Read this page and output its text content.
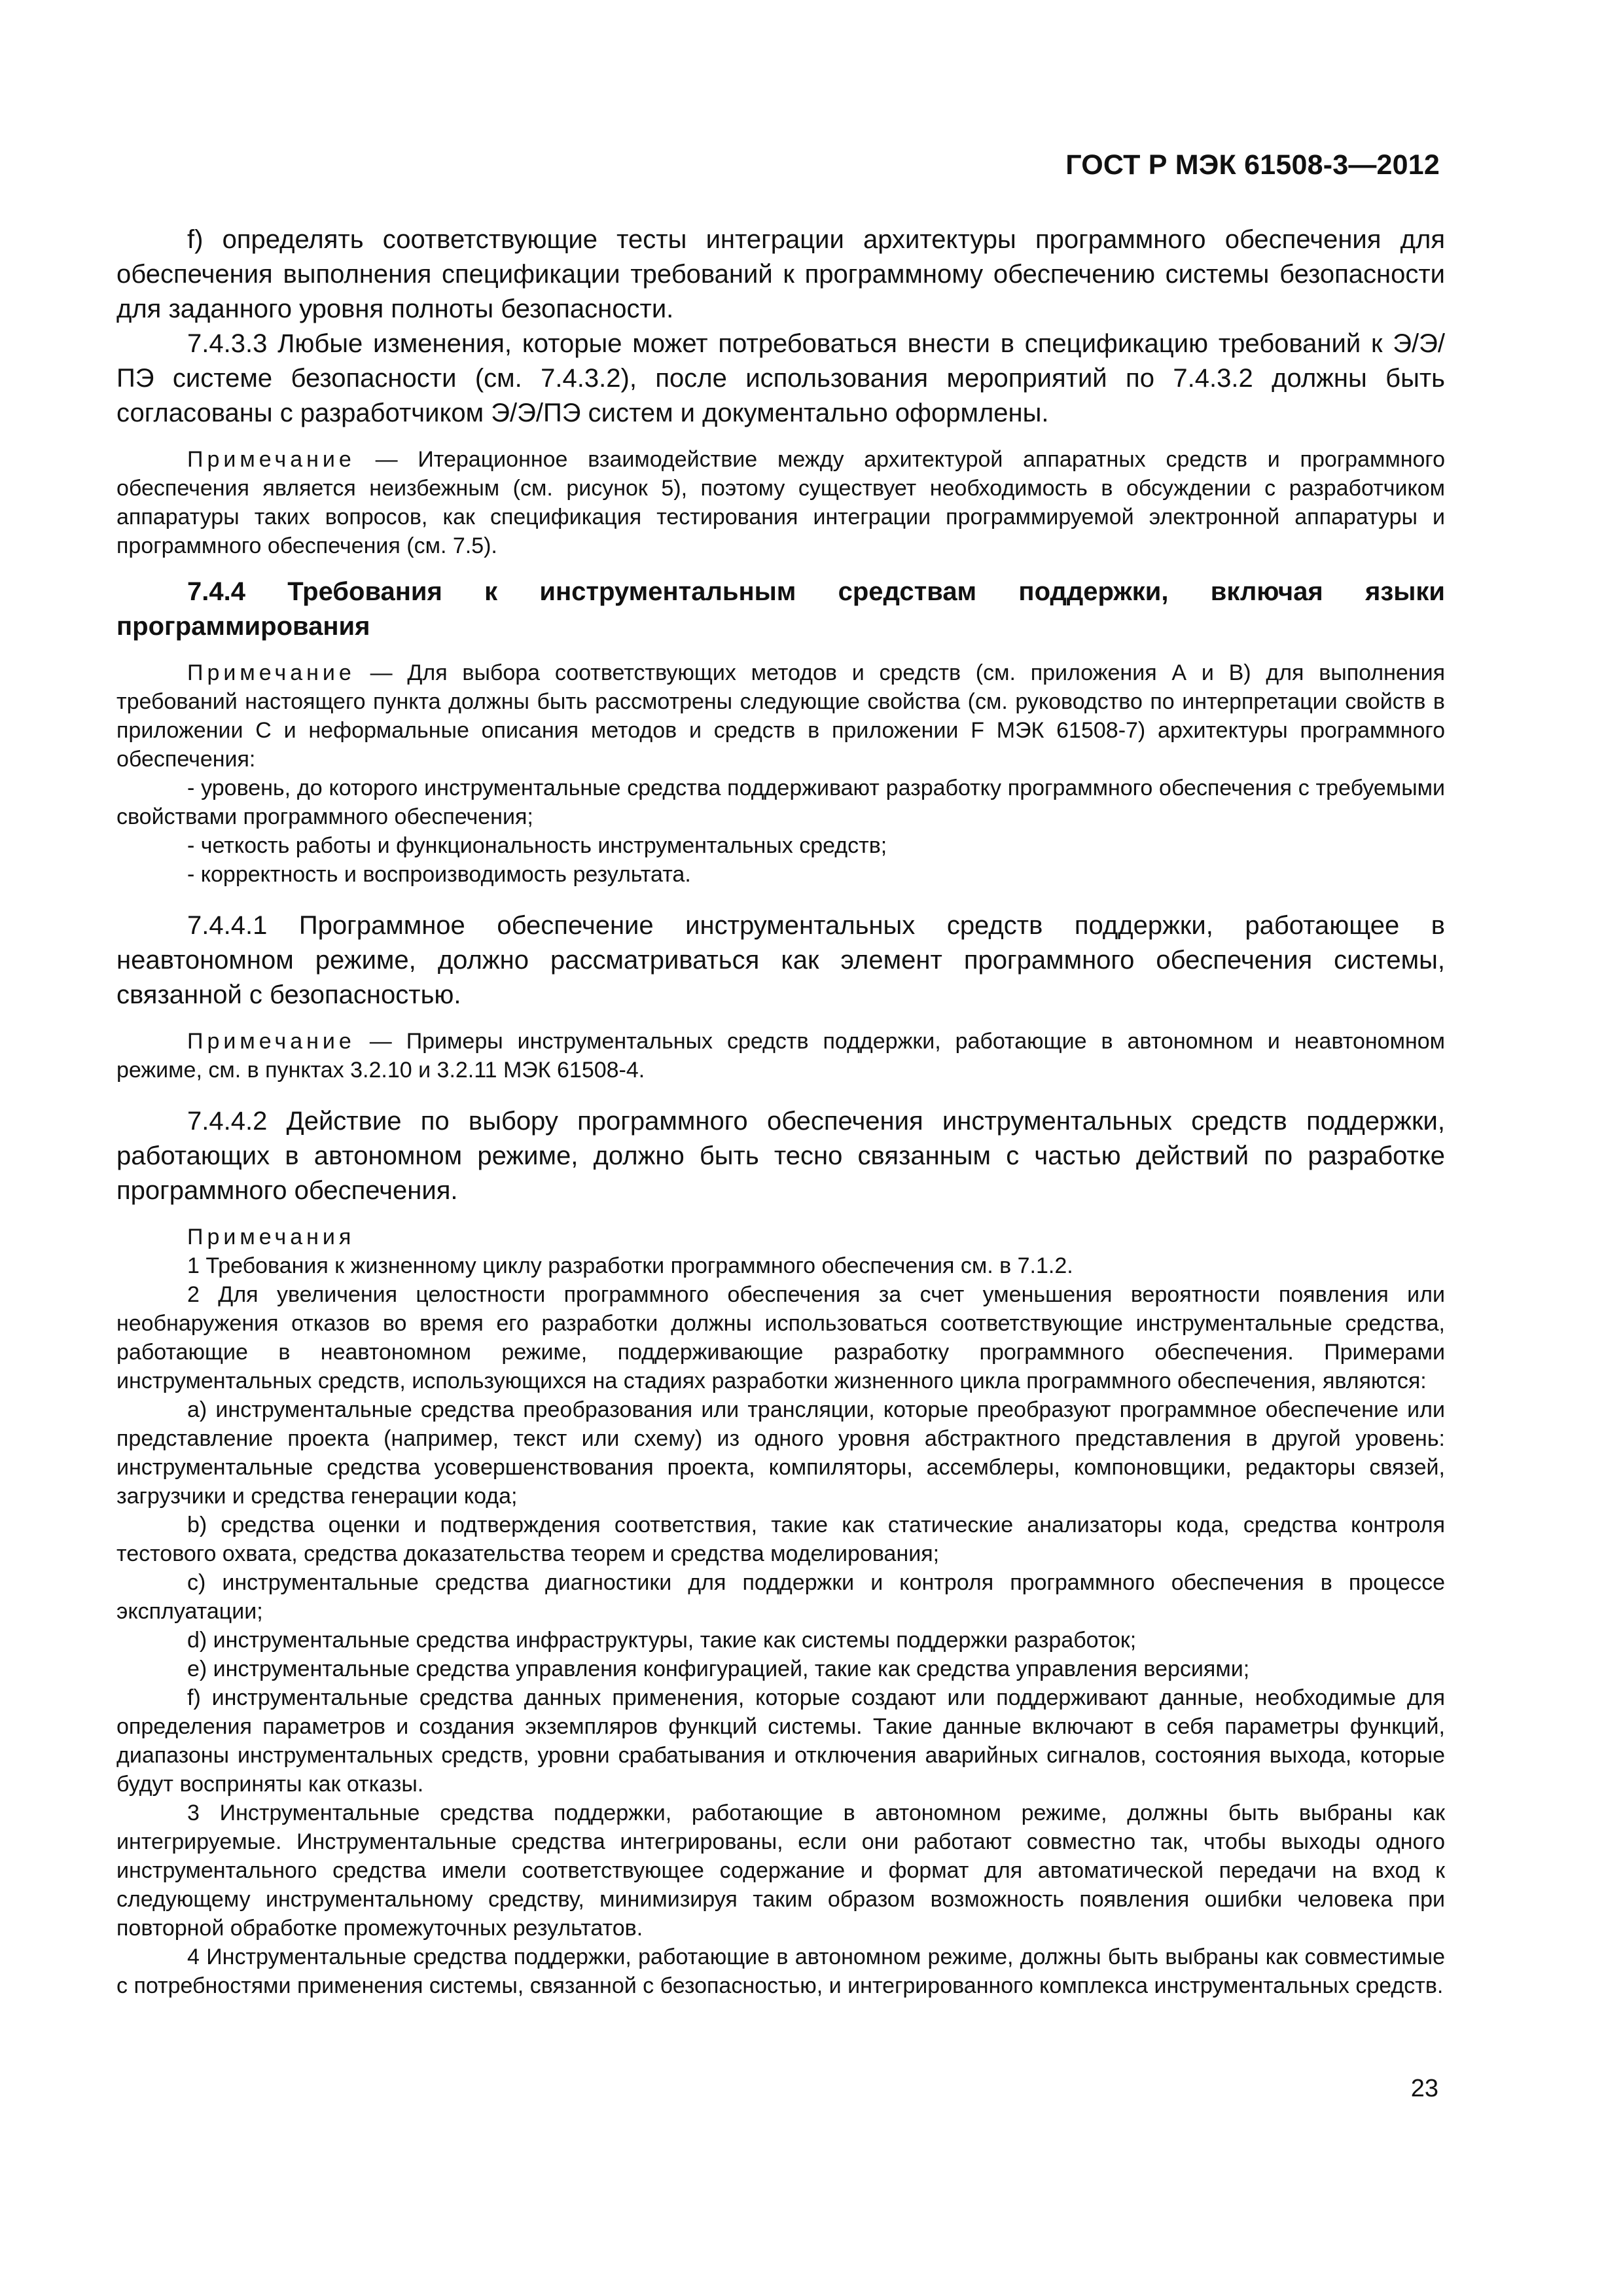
ГОСТ Р МЭК 61508-3—2012

f) определять соответствующие тесты интеграции архитектуры программного обеспечения для обеспечения выполнения спецификации требований к программному обеспечению системы безопасности для заданного уровня полноты безопасности.

7.4.3.3 Любые изменения, которые может потребоваться внести в спецификацию требований к Э/Э/ПЭ системе безопасности (см. 7.4.3.2), после использования мероприятий по 7.4.3.2 должны быть согласованы с разработчиком Э/Э/ПЭ систем и документально оформлены.

Примечание — Итерационное взаимодействие между архитектурой аппаратных средств и программного обеспечения является неизбежным (см. рисунок 5), поэтому существует необходимость в обсуждении с разработчиком аппаратуры таких вопросов, как спецификация тестирования интеграции программируемой электронной аппаратуры и программного обеспечения (см. 7.5).

7.4.4 Требования к инструментальным средствам поддержки, включая языки программирования

Примечание — Для выбора соответствующих методов и средств (см. приложения А и В) для выполнения требований настоящего пункта должны быть рассмотрены следующие свойства (см. руководство по интерпретации свойств в приложении С и неформальные описания методов и средств в приложении F МЭК 61508-7) архитектуры программного обеспечения:

- уровень, до которого инструментальные средства поддерживают разработку программного обеспечения с требуемыми свойствами программного обеспечения;

- четкость работы и функциональность инструментальных средств;

- корректность и воспроизводимость результата.

7.4.4.1 Программное обеспечение инструментальных средств поддержки, работающее в неавтономном режиме, должно рассматриваться как элемент программного обеспечения системы, связанной с безопасностью.

Примечание — Примеры инструментальных средств поддержки, работающие в автономном и неавтономном режиме, см. в пунктах 3.2.10 и 3.2.11 МЭК 61508-4.

7.4.4.2 Действие по выбору программного обеспечения инструментальных средств поддержки, работающих в автономном режиме, должно быть тесно связанным с частью действий по разработке программного обеспечения.

Примечания

1 Требования к жизненному циклу разработки программного обеспечения см. в 7.1.2.

2 Для увеличения целостности программного обеспечения за счет уменьшения вероятности появления или необнаружения отказов во время его разработки должны использоваться соответствующие инструментальные средства, работающие в неавтономном режиме, поддерживающие разработку программного обеспечения. Примерами инструментальных средств, использующихся на стадиях разработки жизненного цикла программного обеспечения, являются:

а) инструментальные средства преобразования или трансляции, которые преобразуют программное обеспечение или представление проекта (например, текст или схему) из одного уровня абстрактного представления в другой уровень: инструментальные средства усовершенствования проекта, компиляторы, ассемблеры, компоновщики, редакторы связей, загрузчики и средства генерации кода;

b) средства оценки и подтверждения соответствия, такие как статические анализаторы кода, средства контроля тестового охвата, средства доказательства теорем и средства моделирования;

с) инструментальные средства диагностики для поддержки и контроля программного обеспечения в процессе эксплуатации;

d) инструментальные средства инфраструктуры, такие как системы поддержки разработок;

е) инструментальные средства управления конфигурацией, такие как средства управления версиями;

f) инструментальные средства данных применения, которые создают или поддерживают данные, необходимые для определения параметров и создания экземпляров функций системы. Такие данные включают в себя параметры функций, диапазоны инструментальных средств, уровни срабатывания и отключения аварийных сигналов, состояния выхода, которые будут восприняты как отказы.

3 Инструментальные средства поддержки, работающие в автономном режиме, должны быть выбраны как интегрируемые. Инструментальные средства интегрированы, если они работают совместно так, чтобы выходы одного инструментального средства имели соответствующее содержание и формат для автоматической передачи на вход к следующему инструментальному средству, минимизируя таким образом возможность появления ошибки человека при повторной обработке промежуточных результатов.

4 Инструментальные средства поддержки, работающие в автономном режиме, должны быть выбраны как совместимые с потребностями применения системы, связанной с безопасностью, и интегрированного комплекса инструментальных средств.

23
